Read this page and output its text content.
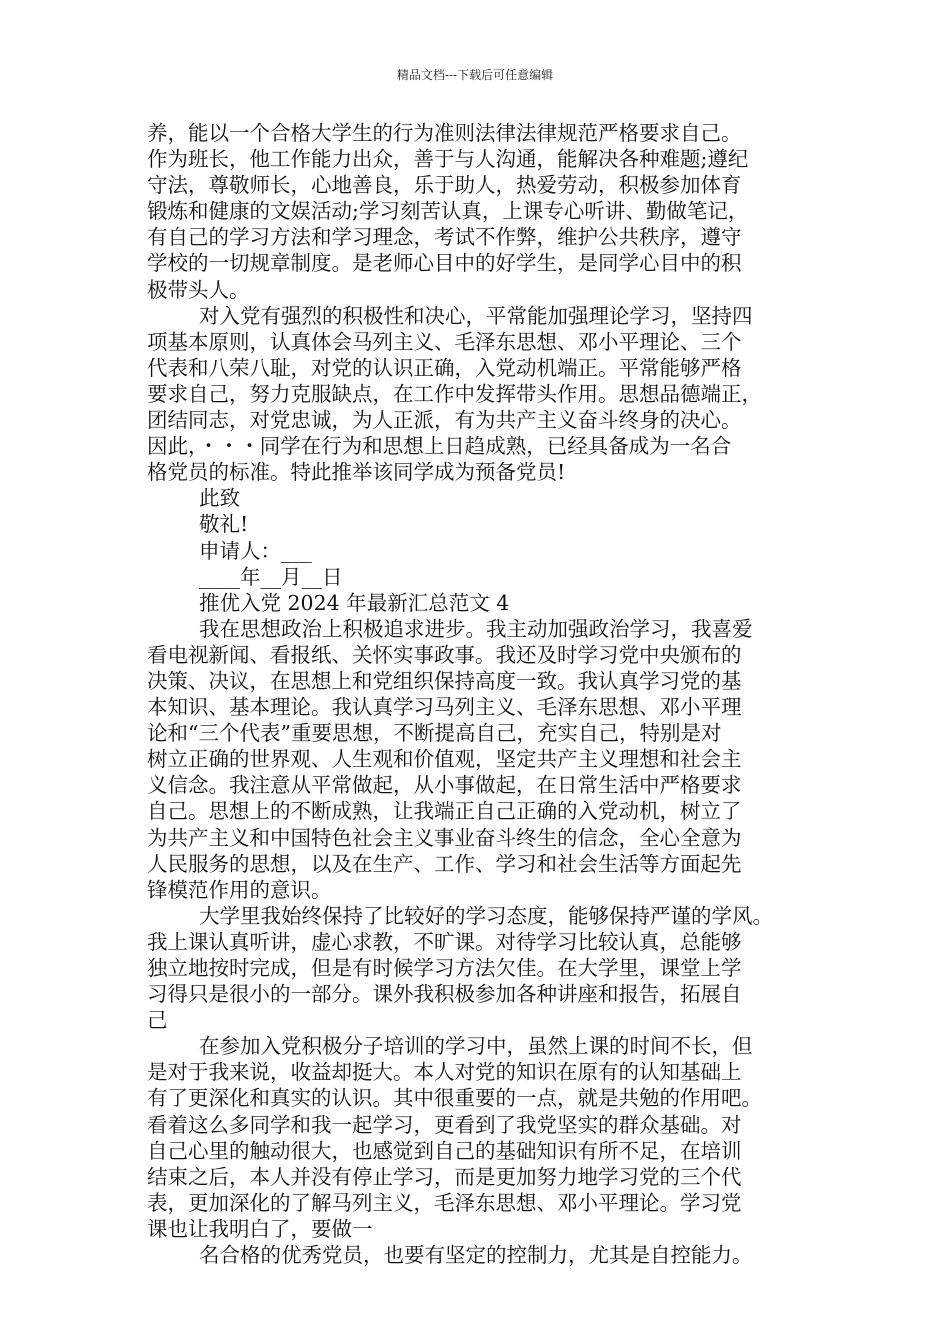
精品文档---下载后可任意编辑
养，能以一个合格大学生的行为准则法律法律规范严格要求自己。
作为班长，他工作能力出众，善于与人沟通，能解决各种难题;遵纪
守法，尊敬师长，心地善良，乐于助人，热爱劳动，积极参加体育
锻炼和健康的文娱活动;学习刻苦认真，上课专心听讲、勤做笔记，
有自己的学习方法和学习理念，考试不作弊，维护公共秩序，遵守
学校的一切规章制度。是老师心目中的好学生，是同学心目中的积
极带头人。
对入党有强烈的积极性和决心，平常能加强理论学习，坚持四
项基本原则，认真体会马列主义、毛泽东思想、邓小平理论、三个
代表和八荣八耻，对党的认识正确，入党动机端正。平常能够严格
要求自己，努力克服缺点，在工作中发挥带头作用。思想品德端正，
团结同志，对党忠诚，为人正派，有为共产主义奋斗终身的决心。
因此，・・・同学在行为和思想上日趋成熟，已经具备成为一名合
格党员的标准。特此推举该同学成为预备党员!
此致
敬礼!
申请人：___
____年__月__日
推优入党 2024 年最新汇总范文 4
我在思想政治上积极追求进步。我主动加强政治学习，我喜爱
看电视新闻、看报纸、关怀实事政事。我还及时学习党中央颁布的
决策、决议，在思想上和党组织保持高度一致。我认真学习党的基
本知识、基本理论。我认真学习马列主义、毛泽东思想、邓小平理
论和“三个代表”重要思想，不断提高自己，充实自己，特别是对
树立正确的世界观、人生观和价值观，坚定共产主义理想和社会主
义信念。我注意从平常做起，从小事做起，在日常生活中严格要求
自己。思想上的不断成熟，让我端正自己正确的入党动机，树立了
为共产主义和中国特色社会主义事业奋斗终生的信念，全心全意为
人民服务的思想，以及在生产、工作、学习和社会生活等方面起先
锋模范作用的意识。
大学里我始终保持了比较好的学习态度，能够保持严谨的学风。
我上课认真听讲，虚心求教，不旷课。对待学习比较认真，总能够
独立地按时完成，但是有时候学习方法欠佳。在大学里，课堂上学
习得只是很小的一部分。课外我积极参加各种讲座和报告，拓展自
己
在参加入党积极分子培训的学习中，虽然上课的时间不长，但
是对于我来说，收益却挺大。本人对党的知识在原有的认知基础上
有了更深化和真实的认识。其中很重要的一点，就是共勉的作用吧。
看着这么多同学和我一起学习，更看到了我党坚实的群众基础。对
自己心里的触动很大，也感觉到自己的基础知识有所不足，在培训
结束之后，本人并没有停止学习，而是更加努力地学习党的三个代
表，更加深化的了解马列主义，毛泽东思想、邓小平理论。学习党
课也让我明白了，要做一
名合格的优秀党员，也要有坚定的控制力，尤其是自控能力。
